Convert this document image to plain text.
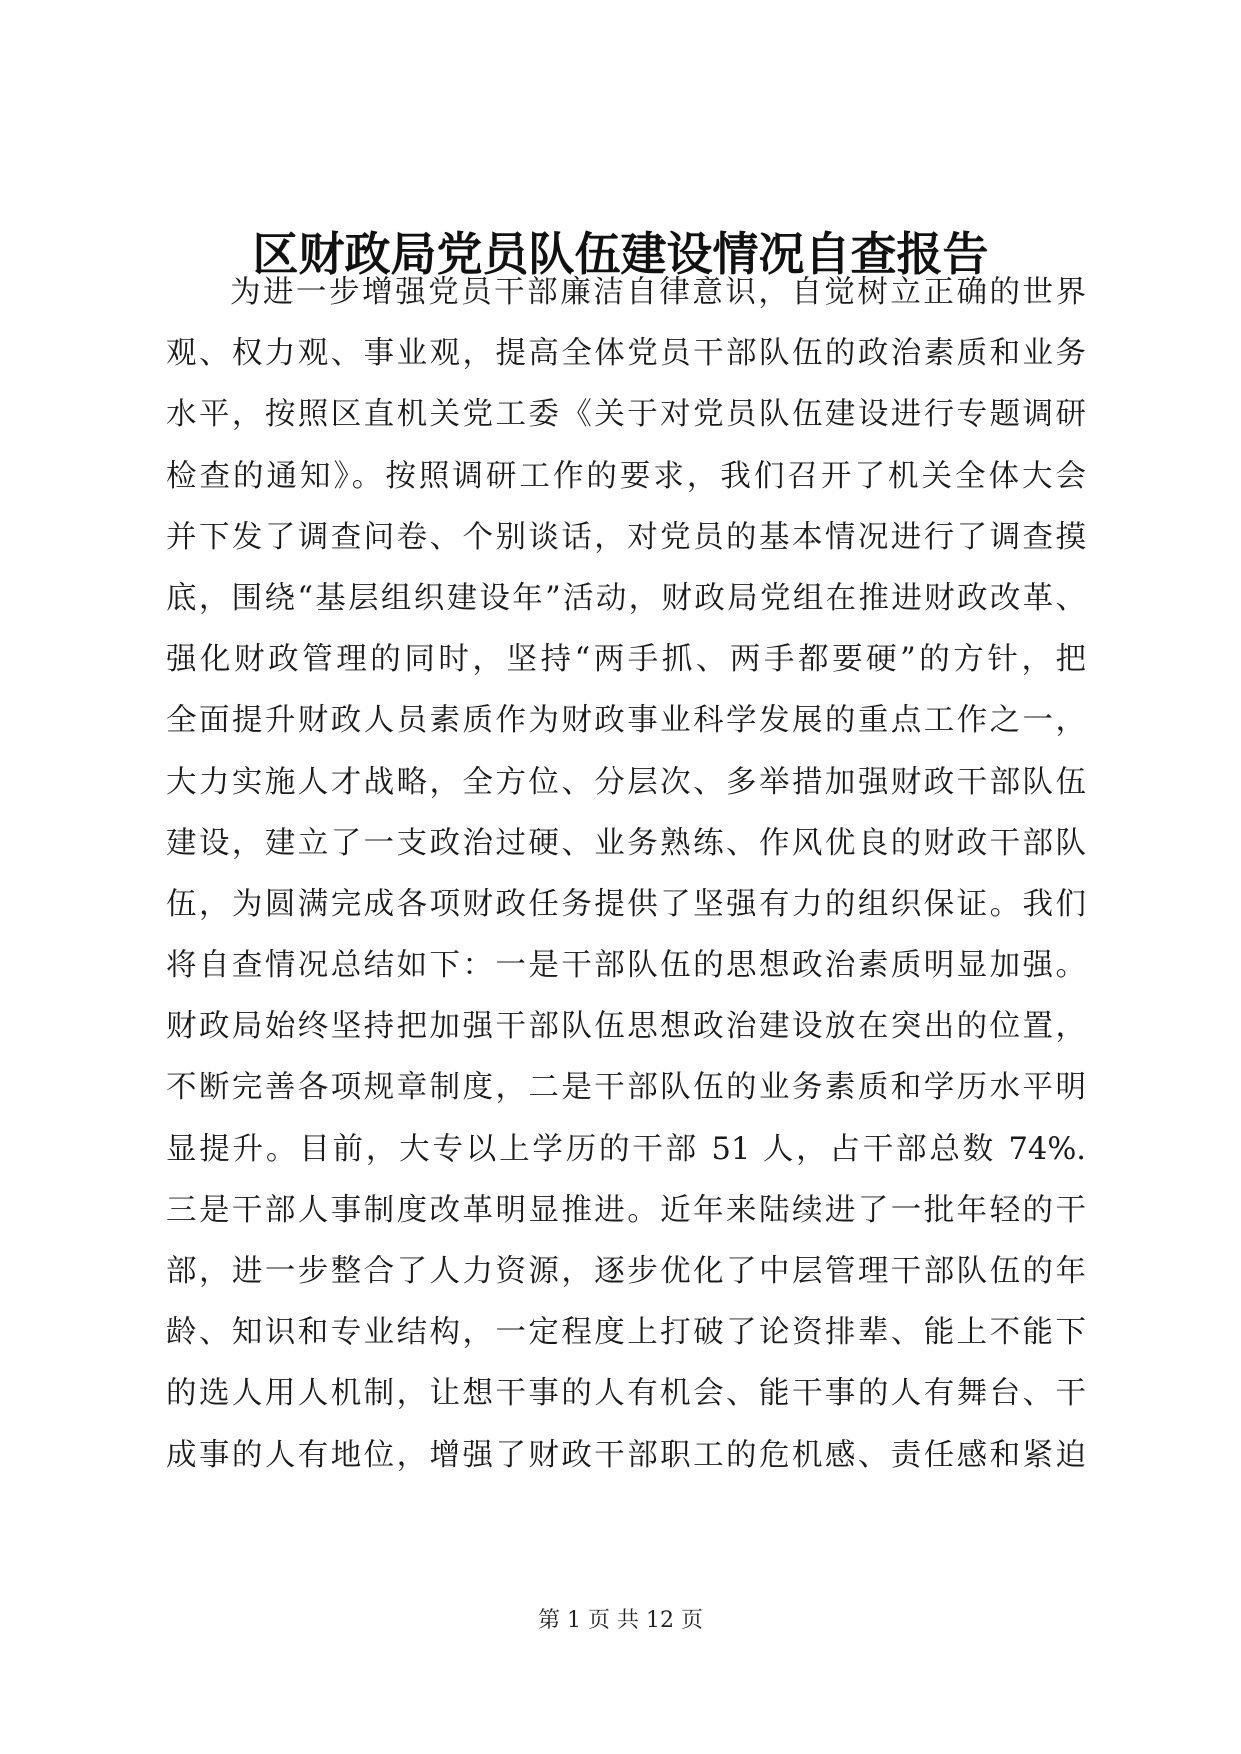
区财政局党员队伍建设情况自查报告
为进一步增强党员干部廉洁自律意识，自觉树立正确的世界
观、权力观、事业观，提高全体党员干部队伍的政治素质和业务
水平，按照区直机关党工委《关于对党员队伍建设进行专题调研
检查的通知》。按照调研工作的要求，我们召开了机关全体大会
并下发了调查问卷、个别谈话，对党员的基本情况进行了调查摸
底，围绕“基层组织建设年”活动，财政局党组在推进财政改革、
强化财政管理的同时，坚持“两手抓、两手都要硬”的方针，把
全面提升财政人员素质作为财政事业科学发展的重点工作之一，
大力实施人才战略，全方位、分层次、多举措加强财政干部队伍
建设，建立了一支政治过硬、业务熟练、作风优良的财政干部队
伍，为圆满完成各项财政任务提供了坚强有力的组织保证。我们
将自查情况总结如下：一是干部队伍的思想政治素质明显加强。
财政局始终坚持把加强干部队伍思想政治建设放在突出的位置，
不断完善各项规章制度，二是干部队伍的业务素质和学历水平明
显提升。目前，大专以上学历的干部 51 人，占干部总数 74%.
三是干部人事制度改革明显推进。近年来陆续进了一批年轻的干
部，进一步整合了人力资源，逐步优化了中层管理干部队伍的年
龄、知识和专业结构，一定程度上打破了论资排辈、能上不能下
的选人用人机制，让想干事的人有机会、能干事的人有舞台、干
成事的人有地位，增强了财政干部职工的危机感、责任感和紧迫
第 1 页 共 12 页
